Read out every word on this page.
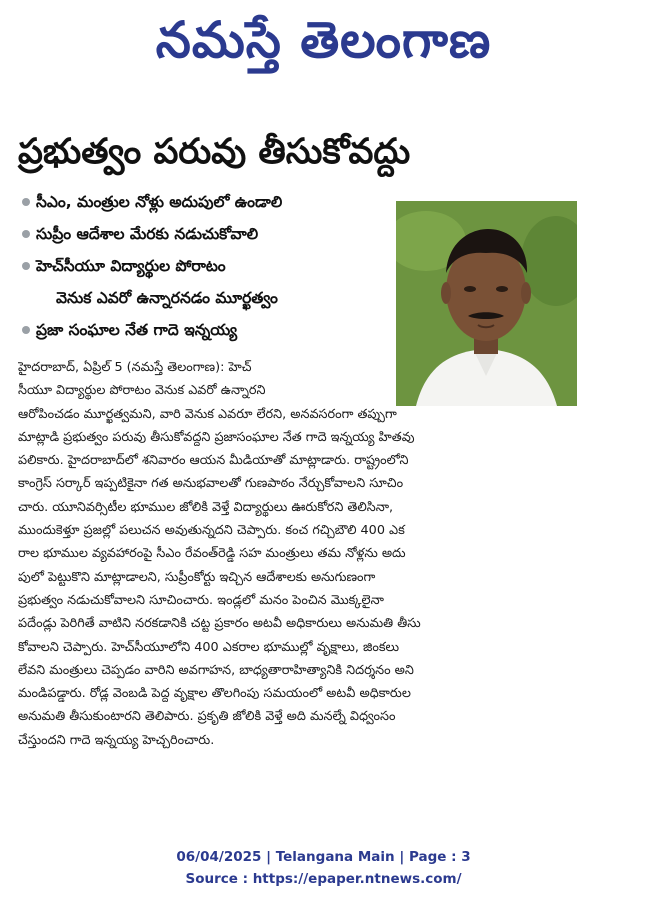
నమస్తే తెలంగాణ
ప్రభుత్వం పరువు తీసుకోవద్దు
సీఎం, మంత్రుల నోళ్లు అదుపులో ఉండాలి
సుప్రీం ఆదేశాల మేరకు నడుచుకోవాలి
హెచ్‌సీయూ విద్యార్థుల పోరాటం
వెనుక ఎవరో ఉన్నారనడం మూర్ఖత్వం
ప్రజా సంఘాల నేత గాదె ఇన్నయ్య
హైదరాబాద్, ఏప్రిల్ 5 (నమస్తే తెలంగాణ): హెచ్
సీయూ విద్యార్థుల పోరాటం వెనుక ఎవరో ఉన్నారని
ఆరోపించడం మూర్ఖత్వమని, వారి వెనుక ఎవరూ లేరని, అనవసరంగా తప్పుగా
మాట్లాడి ప్రభుత్వం పరువు తీసుకోవద్దని ప్రజాసంఘాల నేత గాదె ఇన్నయ్య హితవు
పలికారు. హైదరాబాద్‌లో శనివారం ఆయన మీడియాతో మాట్లాడారు. రాష్ట్రంలోని
కాంగ్రెస్ సర్కార్ ఇప్పటికైనా గత అనుభవాలతో గుణపాఠం నేర్చుకోవాలని సూచిం
చారు. యూనివర్సిటీల భూముల జోలికి వెళ్తే విద్యార్థులు ఊరుకోరని తెలిసినా,
ముందుకెళ్తూ ప్రజల్లో పలుచన అవుతున్నదని చెప్పారు. కంచ గచ్చిబౌలి 400 ఎక
రాల భూముల వ్యవహారంపై సీఎం రేవంత్‌రెడ్డి సహ మంత్రులు తమ నోళ్లను అదు
పులో పెట్టుకొని మాట్లాడాలని, సుప్రీంకోర్టు ఇచ్చిన ఆదేశాలకు అనుగుణంగా
ప్రభుత్వం నడుచుకోవాలని సూచించారు. ఇండ్లలో మనం పెంచిన మొక్కలైనా
పదేండ్లు పెరిగితే వాటిని నరకడానికి చట్ట ప్రకారం అటవీ అధికారులు అనుమతి తీసు
కోవాలని చెప్పారు. హెచ్‌సీయూలోని 400 ఎకరాల భూముల్లో వృక్షాలు, జింకలు
లేవని మంత్రులు చెప్పడం వారిని అవగాహన, బాధ్యతారాహిత్యానికి నిదర్శనం అని
మండిపడ్డారు. రోడ్ల వెంబడి పెద్ద వృక్షాల తొలగింపు సమయంలో అటవీ అధికారుల
అనుమతి తీసుకుంటారని తెలిపారు. ప్రకృతి జోలికి వెళ్తే అది మనల్నే విధ్వంసం
చేస్తుందని గాదె ఇన్నయ్య హెచ్చరించారు.
06/04/2025 | Telangana Main | Page : 3
Source : https://epaper.ntnews.com/
